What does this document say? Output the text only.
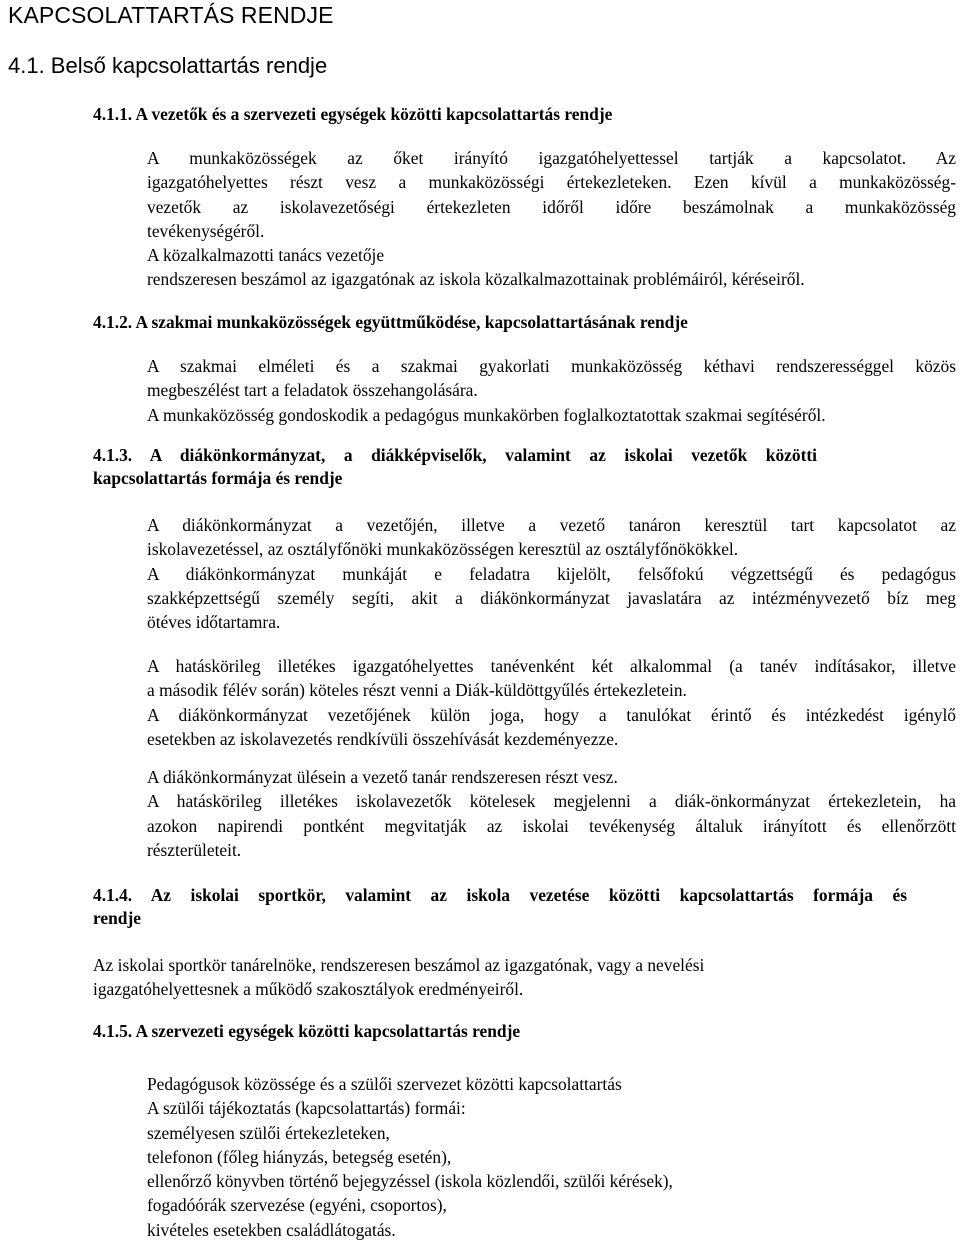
KAPCSOLATTARTÁS RENDJE
4.1. Belső kapcsolattartás rendje
4.1.1. A vezetők és a szervezeti egységek közötti kapcsolattartás rendje
A munkaközösségek az őket irányító igazgatóhelyettessel tartják a kapcsolatot. Az
igazgatóhelyettes részt vesz a munkaközösségi értekezleteken. Ezen kívül a munkaközösség-
vezetők az iskolavezetőségi értekezleten időről időre beszámolnak a munkaközösség
tevékenységéről.
A közalkalmazotti tanács vezetője
rendszeresen beszámol az igazgatónak az iskola közalkalmazottainak problémáiról, kéréseiről.
4.1.2. A szakmai munkaközösségek együttműködése, kapcsolattartásának rendje
A szakmai elméleti és a szakmai gyakorlati munkaközösség kéthavi rendszerességgel közös
megbeszélést tart a feladatok összehangolására.
A munkaközösség gondoskodik a pedagógus munkakörben foglalkoztatottak szakmai segítéséről.
4.1.3. A diákönkormányzat, a diákképviselők, valamint az iskolai vezetők közötti
kapcsolattartás formája és rendje
A diákönkormányzat a vezetőjén, illetve a vezető tanáron keresztül tart kapcsolatot az
iskolavezetéssel, az osztályfőnöki munkaközösségen keresztül az osztályfőnökökkel.
A diákönkormányzat munkáját e feladatra kijelölt, felsőfokú végzettségű és pedagógus
szakképzettségű személy segíti, akit a diákönkormányzat javaslatára az intézményvezető bíz meg
ötéves időtartamra.
A hatáskörileg illetékes igazgatóhelyettes tanévenként két alkalommal (a tanév indításakor, illetve
a második félév során) köteles részt venni a Diák-küldöttgyűlés értekezletein.
A diákönkormányzat vezetőjének külön joga, hogy a tanulókat érintő és intézkedést igénylő
esetekben az iskolavezetés rendkívüli összehívását kezdeményezze.
A diákönkormányzat ülésein a vezető tanár rendszeresen részt vesz.
A hatáskörileg illetékes iskolavezetők kötelesek megjelenni a diák-önkormányzat értekezletein, ha
azokon napirendi pontként megvitatják az iskolai tevékenység általuk irányított és ellenőrzött
részterületeit.
4.1.4. Az iskolai sportkör, valamint az iskola vezetése közötti kapcsolattartás formája és
rendje
Az iskolai sportkör tanárelnöke, rendszeresen beszámol az igazgatónak, vagy a nevelési
igazgatóhelyettesnek a működő szakosztályok eredményeiről.
4.1.5. A szervezeti egységek közötti kapcsolattartás rendje
Pedagógusok közössége és a szülői szervezet közötti kapcsolattartás
A szülői tájékoztatás (kapcsolattartás) formái:
személyesen szülői értekezleteken,
telefonon (főleg hiányzás, betegség esetén),
ellenőrző könyvben történő bejegyzéssel (iskola közlendői, szülői kérések),
fogadóórák szervezése (egyéni, csoportos),
kivételes esetekben családlátogatás.
